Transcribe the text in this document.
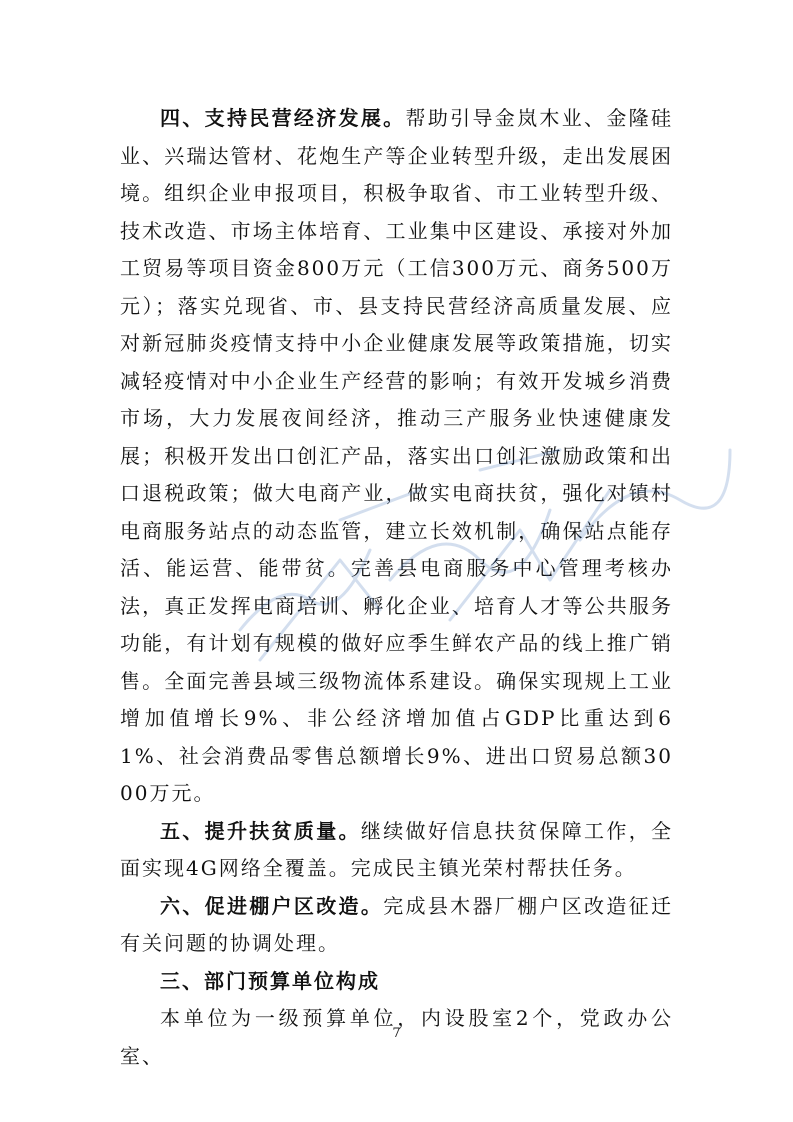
四、支持民营经济发展。帮助引导金岚木业、金隆硅业、兴瑞达管材、花炮生产等企业转型升级，走出发展困境。组织企业申报项目，积极争取省、市工业转型升级、技术改造、市场主体培育、工业集中区建设、承接对外加工贸易等项目资金800万元（工信300万元、商务500万元）；落实兑现省、市、县支持民营经济高质量发展、应对新冠肺炎疫情支持中小企业健康发展等政策措施，切实减轻疫情对中小企业生产经营的影响；有效开发城乡消费市场，大力发展夜间经济，推动三产服务业快速健康发展；积极开发出口创汇产品，落实出口创汇激励政策和出口退税政策；做大电商产业，做实电商扶贫，强化对镇村电商服务站点的动态监管，建立长效机制，确保站点能存活、能运营、能带贫。完善县电商服务中心管理考核办法，真正发挥电商培训、孵化企业、培育人才等公共服务功能，有计划有规模的做好应季生鲜农产品的线上推广销售。全面完善县域三级物流体系建设。确保实现规上工业增加值增长9%、非公经济增加值占GDP比重达到61%、社会消费品零售总额增长9%、进出口贸易总额3000万元。

五、提升扶贫质量。继续做好信息扶贫保障工作，全面实现4G网络全覆盖。完成民主镇光荣村帮扶任务。

六、促进棚户区改造。完成县木器厂棚户区改造征迁有关问题的协调处理。

三、部门预算单位构成

本单位为一级预算单位，内设股室2个，党政办公室、

7
